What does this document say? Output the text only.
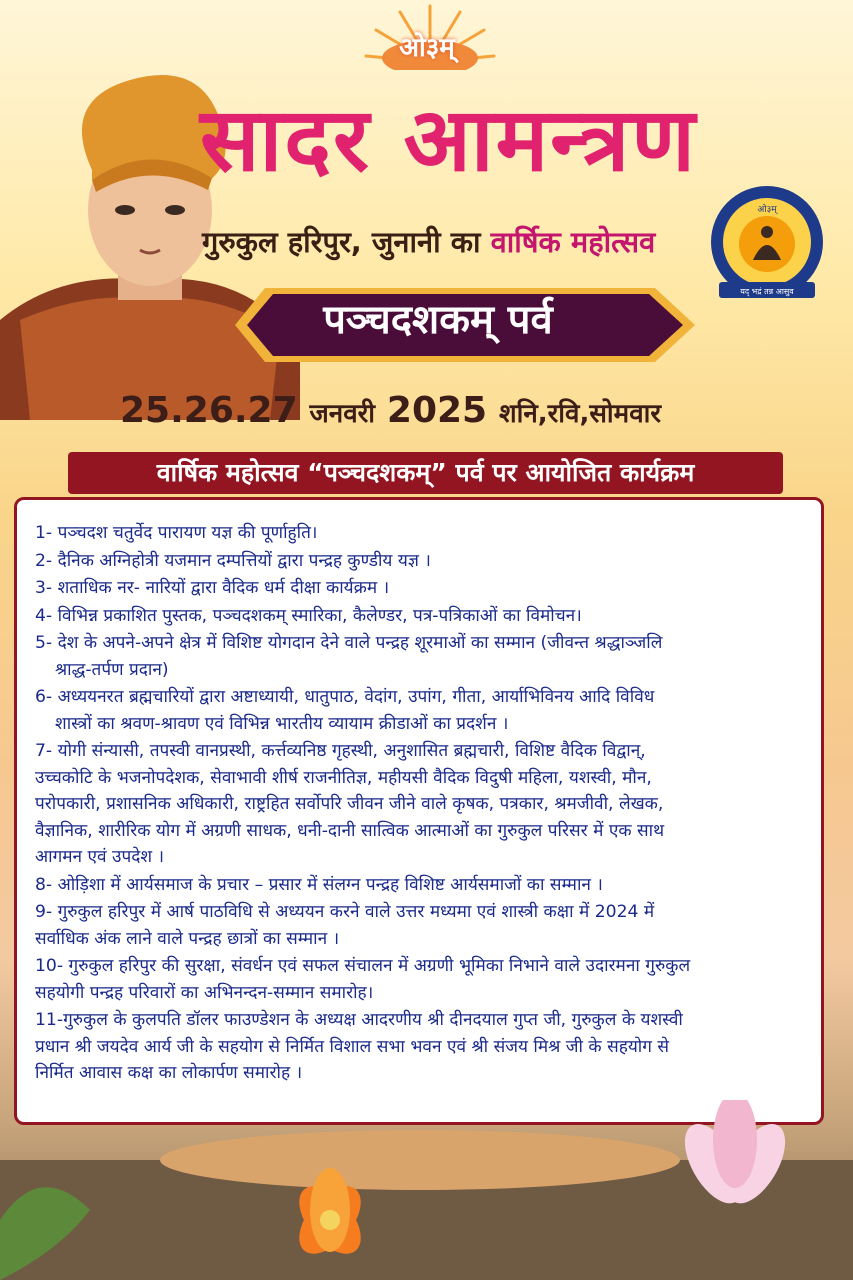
ओ३म्
सादर आमन्त्रण
गुरुकुल हरिपुर, जुनानी का वार्षिक महोत्सव
ओ३म्
यद् भद्रं तन्न आसुव
पञ्चदशकम् पर्व
25.26.27 जनवरी 2025 शनि,रवि,सोमवार
वार्षिक महोत्सव “पञ्चदशकम्” पर्व पर आयोजित कार्यक्रम
1- पञ्चदश चतुर्वेद पारायण यज्ञ की पूर्णाहुति।
2- दैनिक अग्निहोत्री यजमान दम्पत्तियों द्वारा पन्द्रह कुण्डीय यज्ञ ।
3- शताधिक नर- नारियों द्वारा वैदिक धर्म दीक्षा कार्यक्रम ।
4- विभिन्न प्रकाशित पुस्तक, पञ्चदशकम् स्मारिका, कैलेण्डर, पत्र-पत्रिकाओं का विमोचन।
5- देश के अपने-अपने क्षेत्र में विशिष्ट योगदान देने वाले पन्द्रह शूरमाओं का सम्मान (जीवन्त श्रद्धाञ्जलि
श्राद्ध-तर्पण प्रदान)
6- अध्ययनरत ब्रह्मचारियों द्वारा अष्टाध्यायी, धातुपाठ, वेदांग, उपांग, गीता, आर्याभिविनय आदि विविध
शास्त्रों का श्रवण-श्रावण एवं विभिन्न भारतीय व्यायाम क्रीडाओं का प्रदर्शन ।
7- योगी संन्यासी, तपस्वी वानप्रस्थी, कर्त्तव्यनिष्ठ गृहस्थी, अनुशासित ब्रह्मचारी, विशिष्ट वैदिक विद्वान्,
उच्चकोटि के भजनोपदेशक, सेवाभावी शीर्ष राजनीतिज्ञ, महीयसी वैदिक विदुषी महिला, यशस्वी, मौन,
परोपकारी, प्रशासनिक अधिकारी, राष्ट्रहित सर्वोपरि जीवन जीने वाले कृषक, पत्रकार, श्रमजीवी, लेखक,
वैज्ञानिक, शारीरिक योग में अग्रणी साधक, धनी-दानी सात्विक आत्माओं का गुरुकुल परिसर में एक साथ
आगमन एवं उपदेश ।
8- ओड़िशा में आर्यसमाज के प्रचार – प्रसार में संलग्न पन्द्रह विशिष्ट आर्यसमाजों का सम्मान ।
9- गुरुकुल हरिपुर में आर्ष पाठविधि से अध्ययन करने वाले उत्तर मध्यमा एवं शास्त्री कक्षा में 2024 में
सर्वाधिक अंक लाने वाले पन्द्रह छात्रों का सम्मान ।
10- गुरुकुल हरिपुर की सुरक्षा, संवर्धन एवं सफल संचालन में अग्रणी भूमिका निभाने वाले उदारमना गुरुकुल
सहयोगी पन्द्रह परिवारों का अभिनन्दन-सम्मान समारोह।
11-गुरुकुल के कुलपति डॉलर फाउण्डेशन के अध्यक्ष आदरणीय श्री दीनदयाल गुप्त जी, गुरुकुल के यशस्वी
प्रधान श्री जयदेव आर्य जी के सहयोग से निर्मित विशाल सभा भवन एवं श्री संजय मिश्र जी के सहयोग से
निर्मित आवास कक्ष का लोकार्पण समारोह ।
